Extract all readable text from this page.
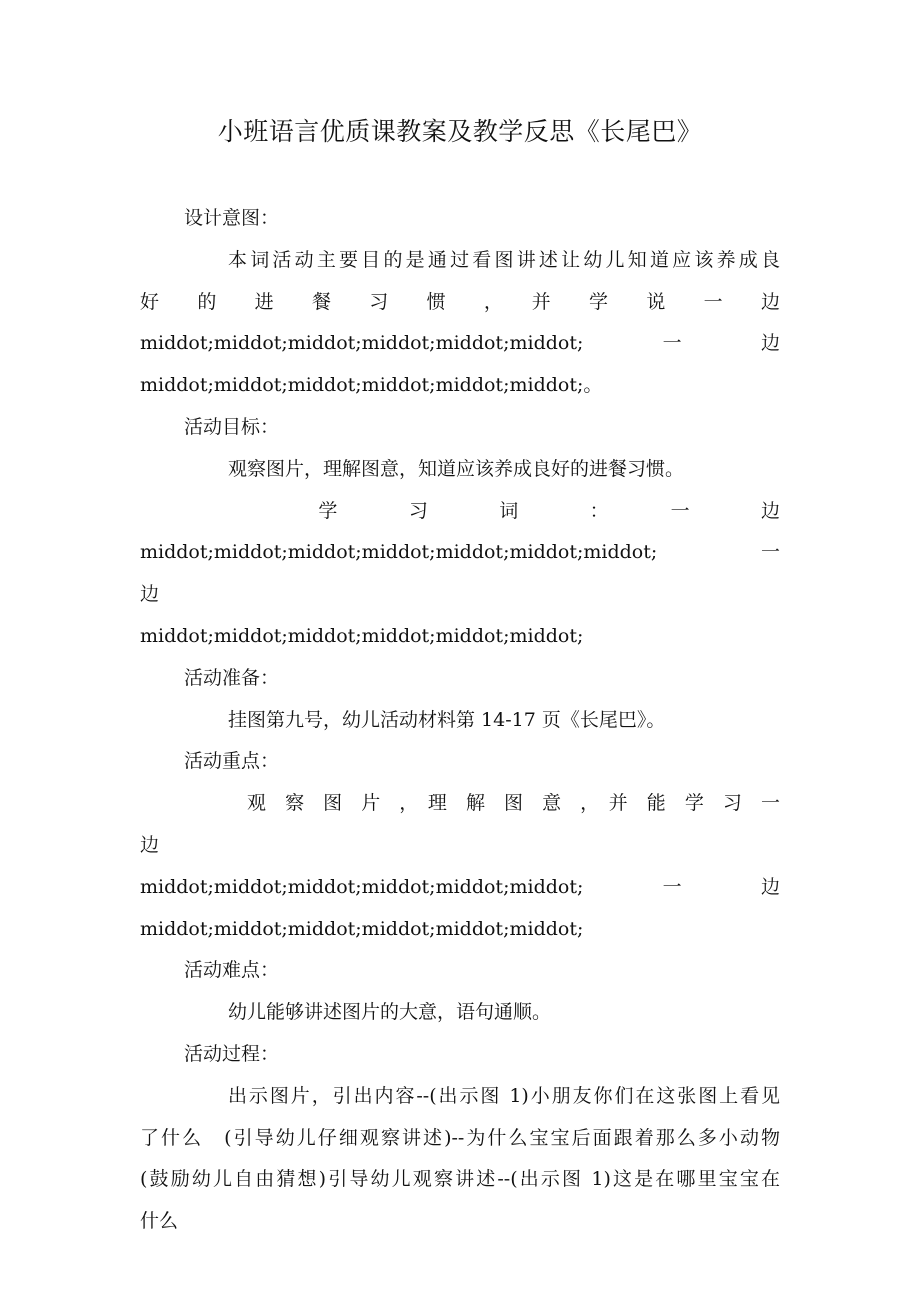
小班语言优质课教案及教学反思《长尾巴》
设计意图：
本词活动主要目的是通过看图讲述让幼儿知道应该养成良
好　的　进　餐　习　惯　，　并　学　说　一　边
middot;middot;middot;middot;middot;middot;　　　　一　　　　边
middot;middot;middot;middot;middot;middot;。
活动目标：
观察图片，理解图意，知道应该养成良好的进餐习惯。
　　　　学　　　习　　　词　　　：　　　一　　　边
middot;middot;middot;middot;middot;middot;middot;　　一　　　边
middot;middot;middot;middot;middot;middot;
活动准备：
挂图第九号，幼儿活动材料第 14-17 页《长尾巴》。
活动重点：
　观　察　图　片　，　理　解　图　意　，　并　能　学　习　一　边
middot;middot;middot;middot;middot;middot;　　　　一　　　　边
middot;middot;middot;middot;middot;middot;
活动难点：
幼儿能够讲述图片的大意，语句通顺。
活动过程：
出示图片，引出内容--(出示图 1)小朋友你们在这张图上看见
了什么　(引导幼儿仔细观察讲述)--为什么宝宝后面跟着那么多小动物
(鼓励幼儿自由猜想)引导幼儿观察讲述--(出示图 1)这是在哪里宝宝在
什么
